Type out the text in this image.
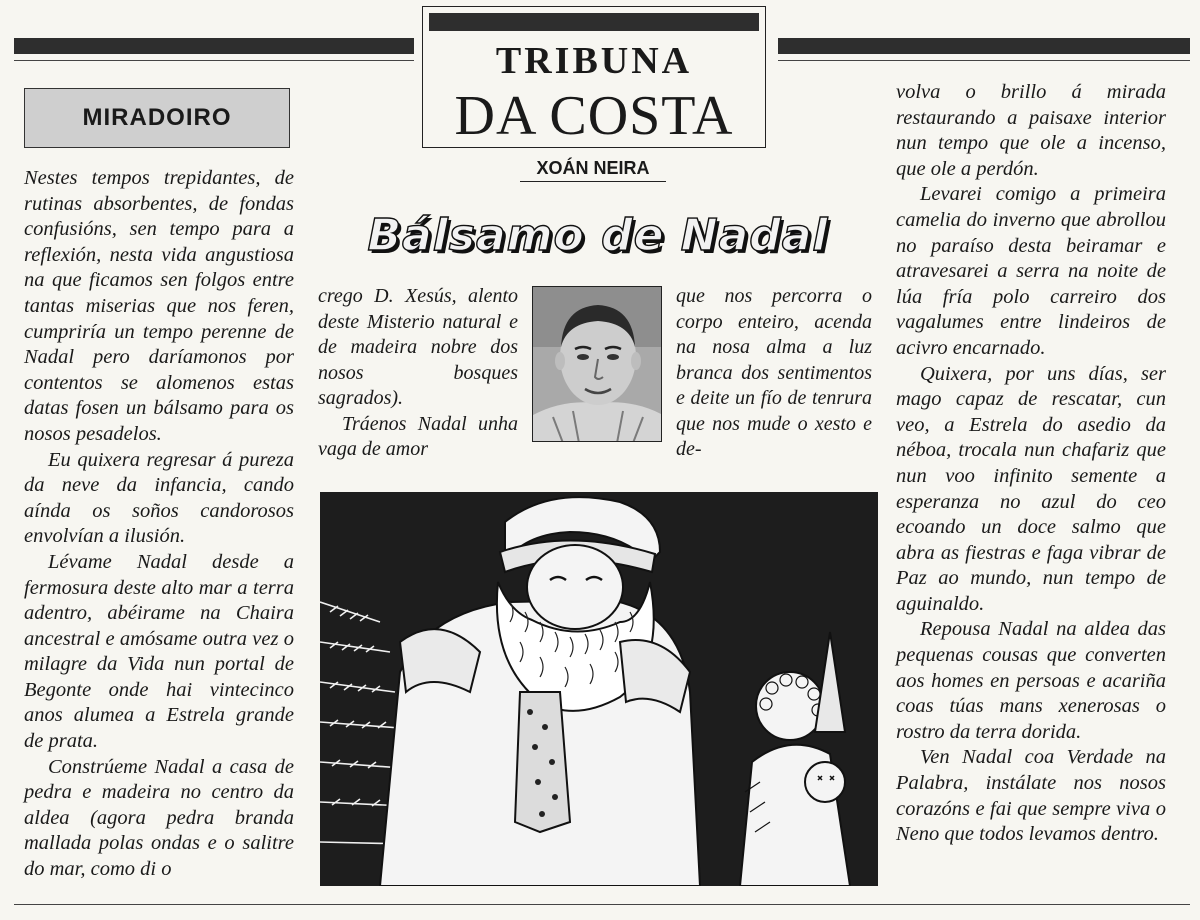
TRIBUNA
DA COSTA
MIRADOIRO
XOÁN NEIRA
Bálsamo de Nadal

Nestes tempos trepidantes, de rutinas absorbentes, de fondas confusións, sen tempo para a reflexión, nesta vida angustiosa na que ficamos sen folgos entre tantas miserias que nos feren, cumpriría un tempo perenne de Nadal pero daríamonos por contentos se alomenos estas datas fosen un bálsamo para os nosos pesadelos.

Eu quixera regresar á pureza da neve da infancia, cando aínda os soños candorosos envolvían a ilusión.

Lévame Nadal desde a fermosura deste alto mar a terra adentro, abéirame na Chaira ancestral e amósame outra vez o milagre da Vida nun portal de Begonte onde hai vintecinco anos alumea a Estrela grande de prata.

Constrúeme Nadal a casa de pedra e madeira no centro da aldea (agora pedra branda mallada polas ondas e o salitre do mar, como di o

crego D. Xesús, alento deste Misterio natural e de madeira nobre dos nosos bosques sagrados).

Tráenos Nadal unha vaga de amor

que nos percorra o corpo enteiro, acenda na nosa alma a luz branca dos sentimentos e deite un fío de tenrura que nos mude o xesto e de-

volva o brillo á mirada restaurando a paisaxe interior nun tempo que ole a incenso, que ole a perdón.

Levarei comigo a primeira camelia do inverno que abrollou no paraíso desta beiramar e atravesarei a serra na noite de lúa fría polo carreiro dos vagalumes entre lindeiros de acivro encarnado.

Quixera, por uns días, ser mago capaz de rescatar, cun veo, a Estrela do asedio da néboa, trocala nun chafariz que nun voo infinito semente a esperanza no azul do ceo ecoando un doce salmo que abra as fiestras e faga vibrar de Paz ao mundo, nun tempo de aguinaldo.

Repousa Nadal na aldea das pequenas cousas que converten aos homes en persoas e acariña coas túas mans xenerosas o rostro da terra dorida.

Ven Nadal coa Verdade na Palabra, instálate nos nosos corazóns e fai que sempre viva o Neno que todos levamos dentro.
